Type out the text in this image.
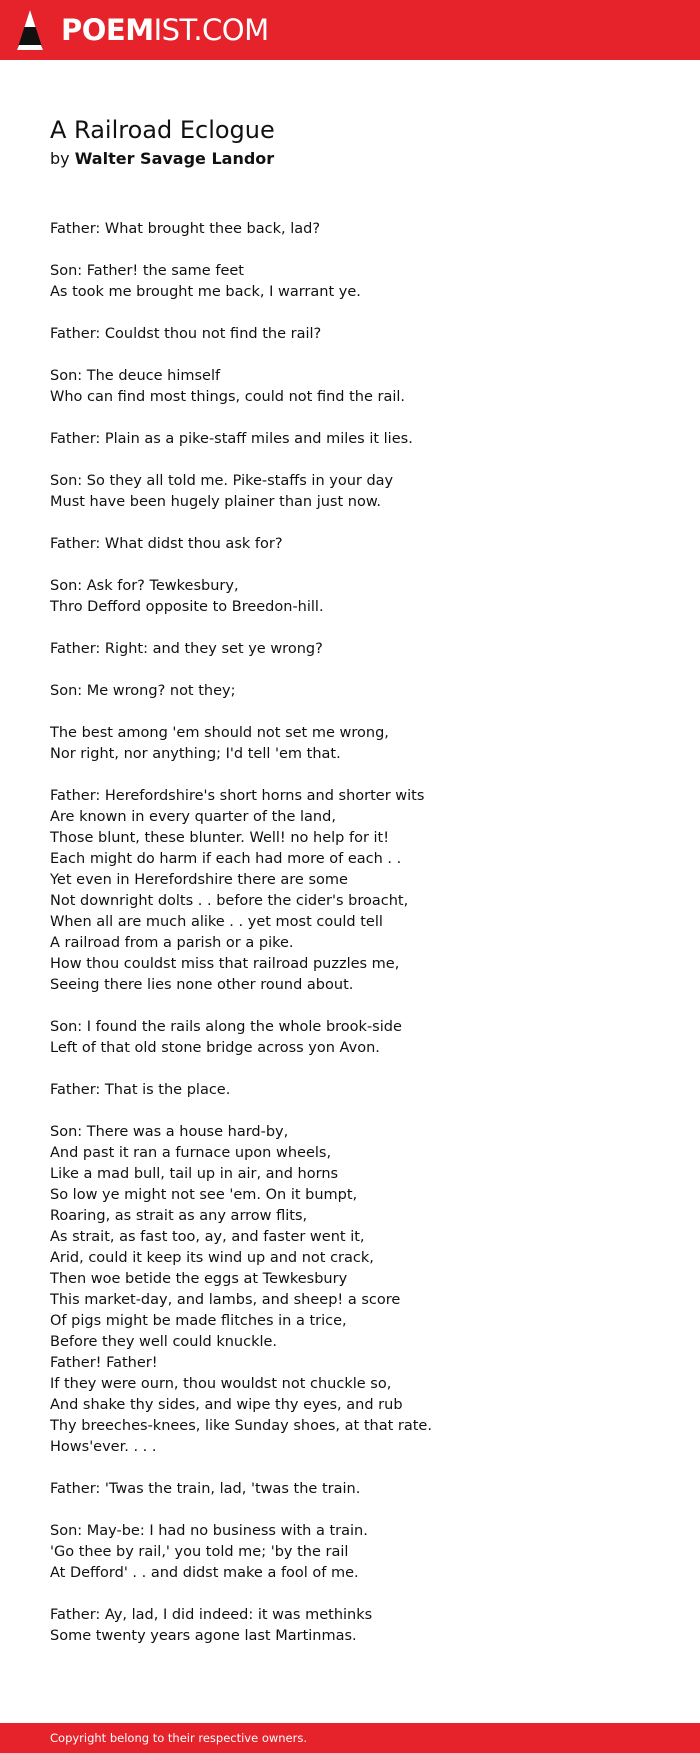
POEMIST.COM
A Railroad Eclogue
by Walter Savage Landor
Father: What brought thee back, lad?
Son: Father! the same feet
As took me brought me back, I warrant ye.
Father: Couldst thou not find the rail?
Son: The deuce himself
Who can find most things, could not find the rail.
Father: Plain as a pike-staff miles and miles it lies.
Son: So they all told me. Pike-staffs in your day
Must have been hugely plainer than just now.
Father: What didst thou ask for?
Son: Ask for? Tewkesbury,
Thro Defford opposite to Breedon-hill.
Father: Right: and they set ye wrong?
Son: Me wrong? not they;
The best among 'em should not set me wrong,
Nor right, nor anything; I'd tell 'em that.
Father: Herefordshire's short horns and shorter wits
Are known in every quarter of the land,
Those blunt, these blunter. Well! no help for it!
Each might do harm if each had more of each . .
Yet even in Herefordshire there are some
Not downright dolts . . before the cider's broacht,
When all are much alike . . yet most could tell
A railroad from a parish or a pike.
How thou couldst miss that railroad puzzles me,
Seeing there lies none other round about.
Son: I found the rails along the whole brook-side
Left of that old stone bridge across yon Avon.
Father: That is the place.
Son: There was a house hard-by,
And past it ran a furnace upon wheels,
Like a mad bull, tail up in air, and horns
So low ye might not see 'em. On it bumpt,
Roaring, as strait as any arrow flits,
As strait, as fast too, ay, and faster went it,
Arid, could it keep its wind up and not crack,
Then woe betide the eggs at Tewkesbury
This market-day, and lambs, and sheep! a score
Of pigs might be made flitches in a trice,
Before they well could knuckle.
Father! Father!
If they were ourn, thou wouldst not chuckle so,
And shake thy sides, and wipe thy eyes, and rub
Thy breeches-knees, like Sunday shoes, at that rate.
Hows'ever. . . .
Father: 'Twas the train, lad, 'twas the train.
Son: May-be: I had no business with a train.
'Go thee by rail,' you told me; 'by the rail
At Defford' . . and didst make a fool of me.
Father: Ay, lad, I did indeed: it was methinks
Some twenty years agone last Martinmas.
Copyright belong to their respective owners.
